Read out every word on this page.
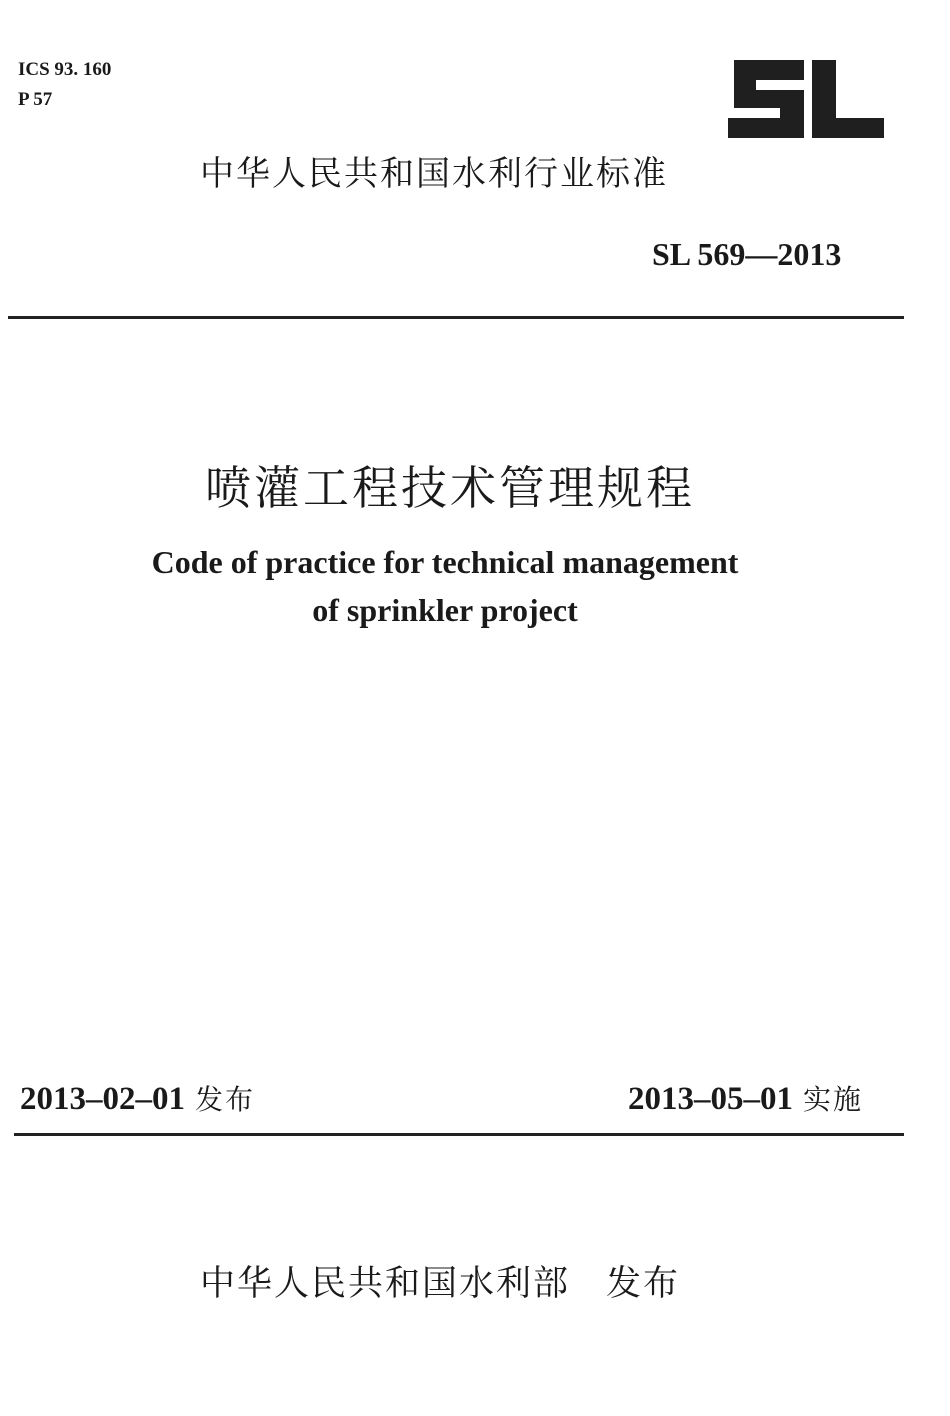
ICS 93. 160
P 57
中华人民共和国水利行业标准
SL 569—2013
喷灌工程技术管理规程
Code of practice for technical management
of sprinkler project
2013–02–01 发布	2013–05–01 实施
中华人民共和国水利部 发布
